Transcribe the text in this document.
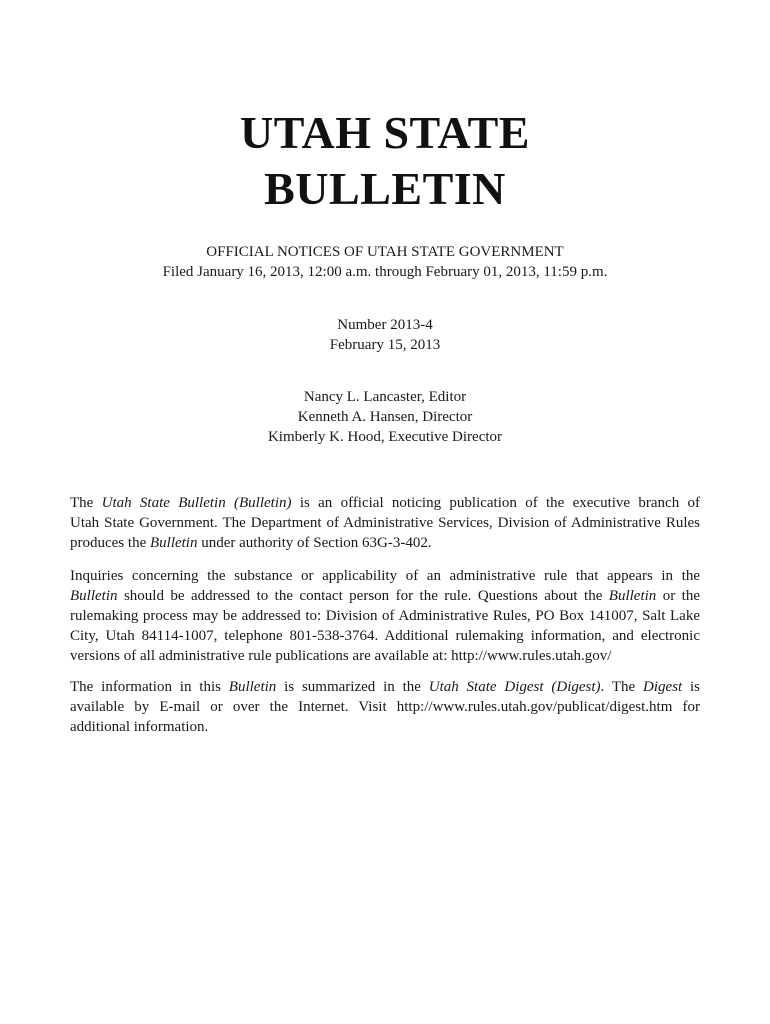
UTAH STATE
BULLETIN
OFFICIAL NOTICES OF UTAH STATE GOVERNMENT
Filed January 16, 2013, 12:00 a.m. through February 01, 2013, 11:59 p.m.
Number 2013-4
February 15, 2013
Nancy L. Lancaster, Editor
Kenneth A. Hansen, Director
Kimberly K. Hood, Executive Director
The Utah State Bulletin (Bulletin) is an official noticing publication of the executive branch of
Utah State Government. The Department of Administrative Services, Division of Administrative Rules
produces the Bulletin under authority of Section 63G-3-402.
Inquiries concerning the substance or applicability of an administrative rule that appears in the
Bulletin should be addressed to the contact person for the rule. Questions about the Bulletin or the
rulemaking process may be addressed to: Division of Administrative Rules, PO Box 141007, Salt Lake
City, Utah 84114-1007, telephone 801-538-3764. Additional rulemaking information, and electronic
versions of all administrative rule publications are available at: http://www.rules.utah.gov/
The information in this Bulletin is summarized in the Utah State Digest (Digest). The Digest is
available by E-mail or over the Internet. Visit http://www.rules.utah.gov/publicat/digest.htm for
additional information.
